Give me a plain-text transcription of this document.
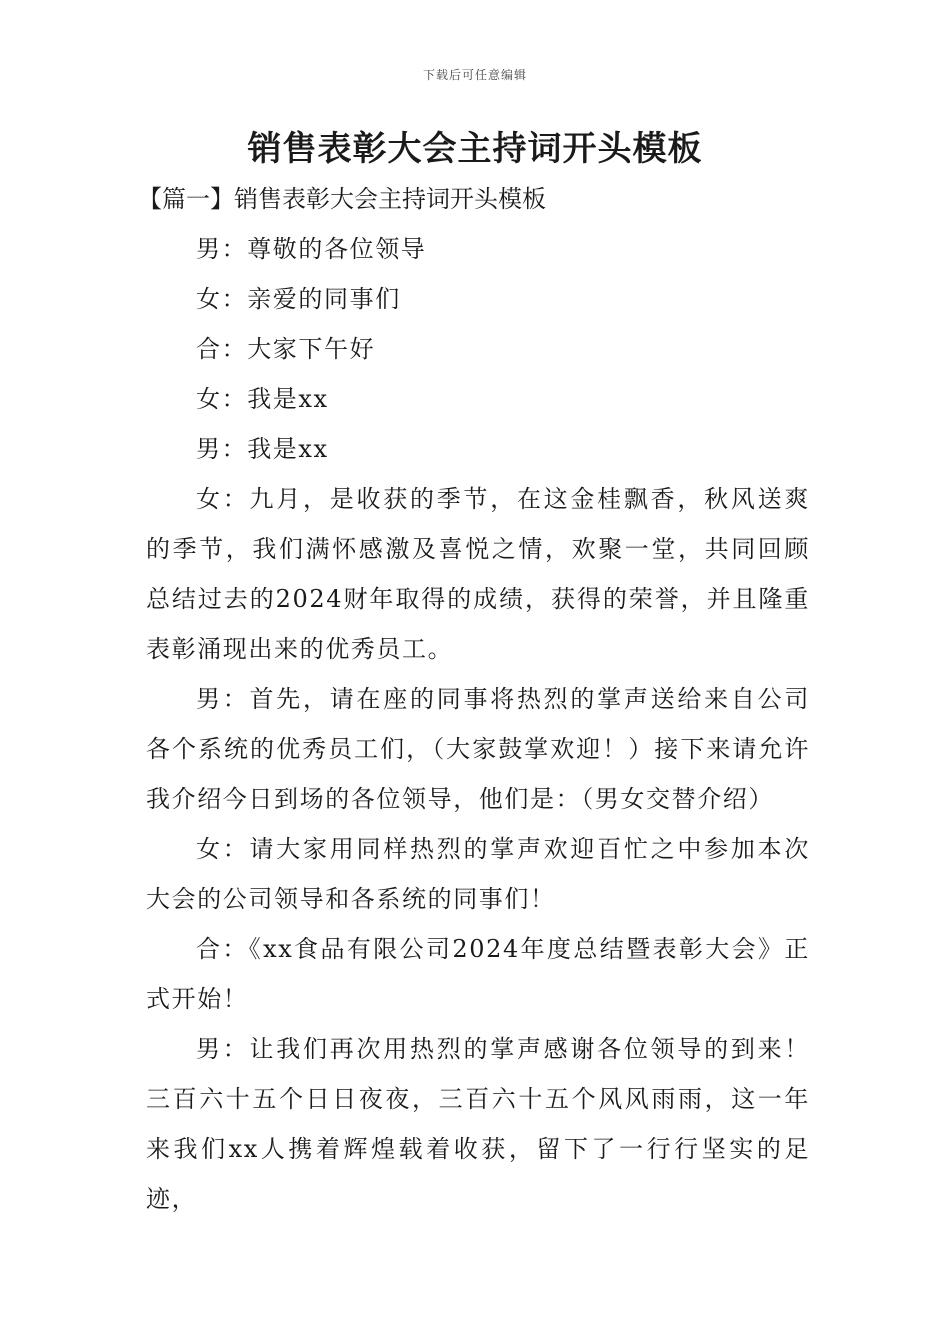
下载后可任意编辑
销售表彰大会主持词开头模板

【篇一】销售表彰大会主持词开头模板

男：尊敬的各位领导

女：亲爱的同事们

合：大家下午好

女：我是xx

男：我是xx

女：九月，是收获的季节，在这金桂飘香，秋风送爽的季节，我们满怀感激及喜悦之情，欢聚一堂，共同回顾总结过去的2024财年取得的成绩，获得的荣誉，并且隆重表彰涌现出来的优秀员工。

男：首先，请在座的同事将热烈的掌声送给来自公司各个系统的优秀员工们，（大家鼓掌欢迎！）接下来请允许我介绍今日到场的各位领导，他们是：（男女交替介绍）

女：请大家用同样热烈的掌声欢迎百忙之中参加本次大会的公司领导和各系统的同事们！

合：《xx食品有限公司2024年度总结暨表彰大会》正式开始！

男：让我们再次用热烈的掌声感谢各位领导的到来！三百六十五个日日夜夜，三百六十五个风风雨雨，这一年来我们xx人携着辉煌载着收获，留下了一行行坚实的足迹，
